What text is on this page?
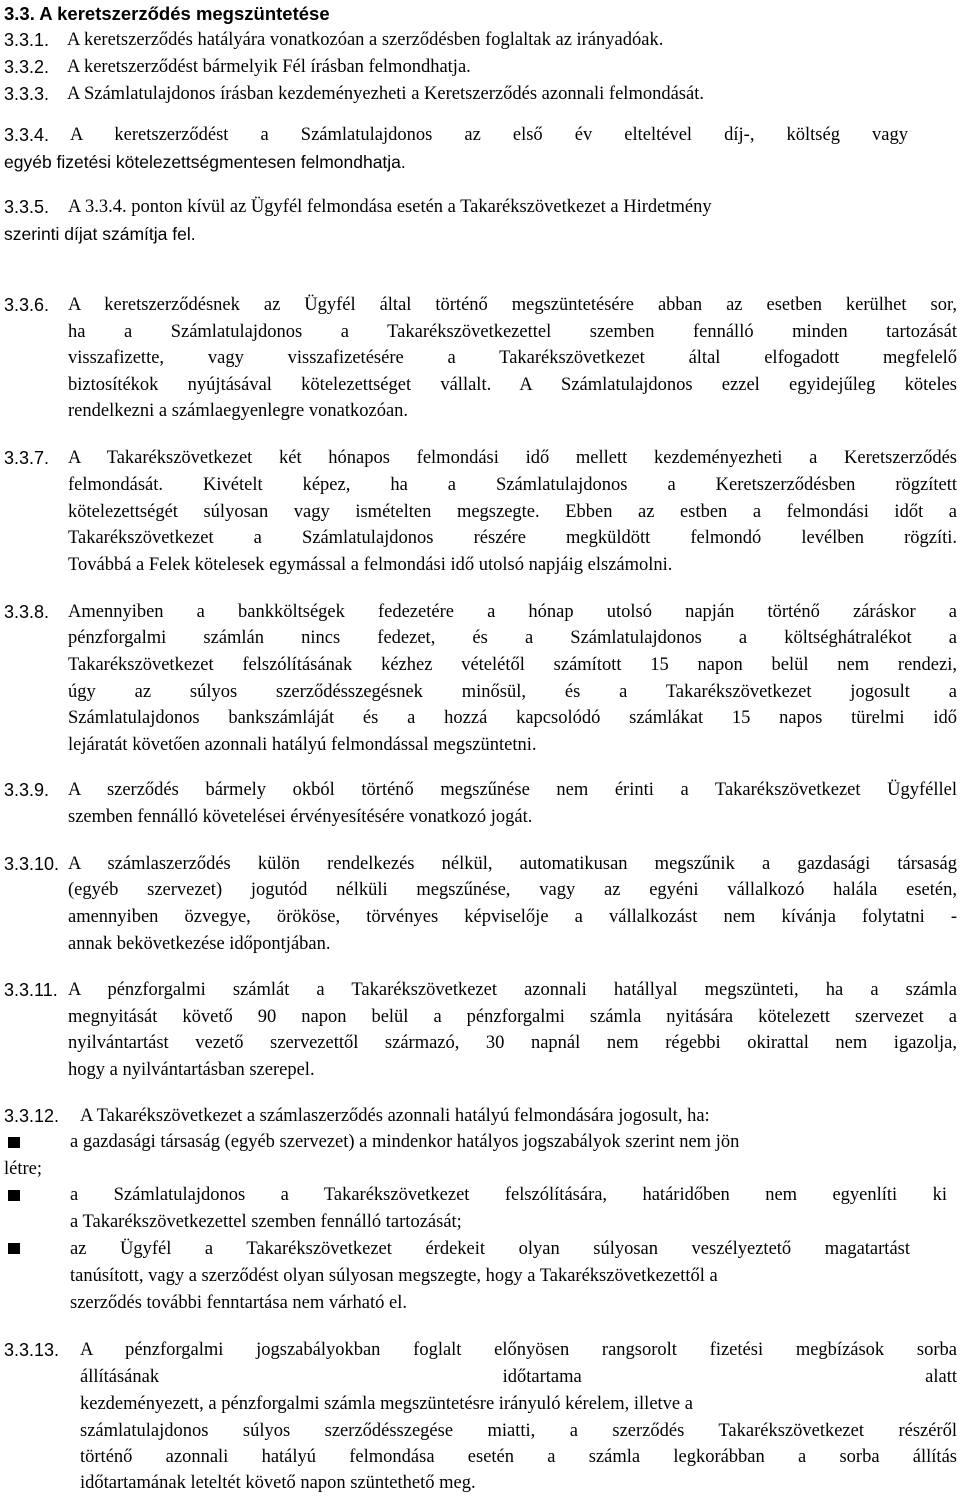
3.3. A keretszerződés megszüntetése
3.3.1. A keretszerződés hatályára vonatkozóan a szerződésben foglaltak az irányadóak.
3.3.2. A keretszerződést bármelyik Fél írásban felmondhatja.
3.3.3. A Számlatulajdonos írásban kezdeményezheti a Keretszerződés azonnali felmondását.
3.3.4. A keretszerződést a Számlatulajdonos az első év elteltével díj-, költség vagy
egyéb fizetési kötelezettségmentesen felmondhatja.
3.3.5. A 3.3.4. ponton kívül az Ügyfél felmondása esetén a Takarékszövetkezet a Hirdetmény
szerinti díjat számítja fel.
3.3.6. A keretszerződésnek az Ügyfél által történő megszüntetésére abban az esetben kerülhet sor,
ha a Számlatulajdonos a Takarékszövetkezettel szemben fennálló minden tartozását
visszafizette, vagy visszafizetésére a Takarékszövetkezet által elfogadott megfelelő
biztosítékok nyújtásával kötelezettséget vállalt. A Számlatulajdonos ezzel egyidejűleg köteles
rendelkezni a számlaegyenlegre vonatkozóan.
3.3.7. A Takarékszövetkezet két hónapos felmondási idő mellett kezdeményezheti a Keretszerződés
felmondását. Kivételt képez, ha a Számlatulajdonos a Keretszerződésben rögzített
kötelezettségét súlyosan vagy ismételten megszegte. Ebben az estben a felmondási időt a
Takarékszövetkezet a Számlatulajdonos részére megküldött felmondó levélben rögzíti.
Továbbá a Felek kötelesek egymással a felmondási idő utolsó napjáig elszámolni.
3.3.8. Amennyiben a bankköltségek fedezetére a hónap utolsó napján történő záráskor a
pénzforgalmi számlán nincs fedezet, és a Számlatulajdonos a költséghátralékot a
Takarékszövetkezet felszólításának kézhez vételétől számított 15 napon belül nem rendezi,
úgy az súlyos szerződésszegésnek minősül, és a Takarékszövetkezet jogosult a
Számlatulajdonos bankszámláját és a hozzá kapcsolódó számlákat 15 napos türelmi idő
lejáratát követően azonnali hatályú felmondással megszüntetni.
3.3.9. A szerződés bármely okból történő megszűnése nem érinti a Takarékszövetkezet Ügyféllel
szemben fennálló követelései érvényesítésére vonatkozó jogát.
3.3.10. A számlaszerződés külön rendelkezés nélkül, automatikusan megszűnik a gazdasági társaság
(egyéb szervezet) jogutód nélküli megszűnése, vagy az egyéni vállalkozó halála esetén,
amennyiben özvegye, örököse, törvényes képviselője a vállalkozást nem kívánja folytatni -
annak bekövetkezése időpontjában.
3.3.11. A pénzforgalmi számlát a Takarékszövetkezet azonnali hatállyal megszünteti, ha a számla
megnyitását követő 90 napon belül a pénzforgalmi számla nyitására kötelezett szervezet a
nyilvántartást vezető szervezettől származó, 30 napnál nem régebbi okirattal nem igazolja,
hogy a nyilvántartásban szerepel.
3.3.12. A Takarékszövetkezet a számlaszerződés azonnali hatályú felmondására jogosult, ha:
a gazdasági társaság (egyéb szervezet) a mindenkor hatályos jogszabályok szerint nem jön
létre;
a Számlatulajdonos a Takarékszövetkezet felszólítására, határidőben nem egyenlíti ki
a Takarékszövetkezettel szemben fennálló tartozását;
az Ügyfél a Takarékszövetkezet érdekeit olyan súlyosan veszélyeztető magatartást
tanúsított, vagy a szerződést olyan súlyosan megszegte, hogy a Takarékszövetkezettől a
szerződés további fenntartása nem várható el.
3.3.13. A pénzforgalmi jogszabályokban foglalt előnyösen rangsorolt fizetési megbízások sorba
állításának időtartama alatt
kezdeményezett, a pénzforgalmi számla megszüntetésre irányuló kérelem, illetve a
számlatulajdonos súlyos szerződésszegése miatti, a szerződés Takarékszövetkezet részéről
történő azonnali hatályú felmondása esetén a számla legkorábban a sorba állítás
időtartamának leteltét követő napon szüntethető meg.
